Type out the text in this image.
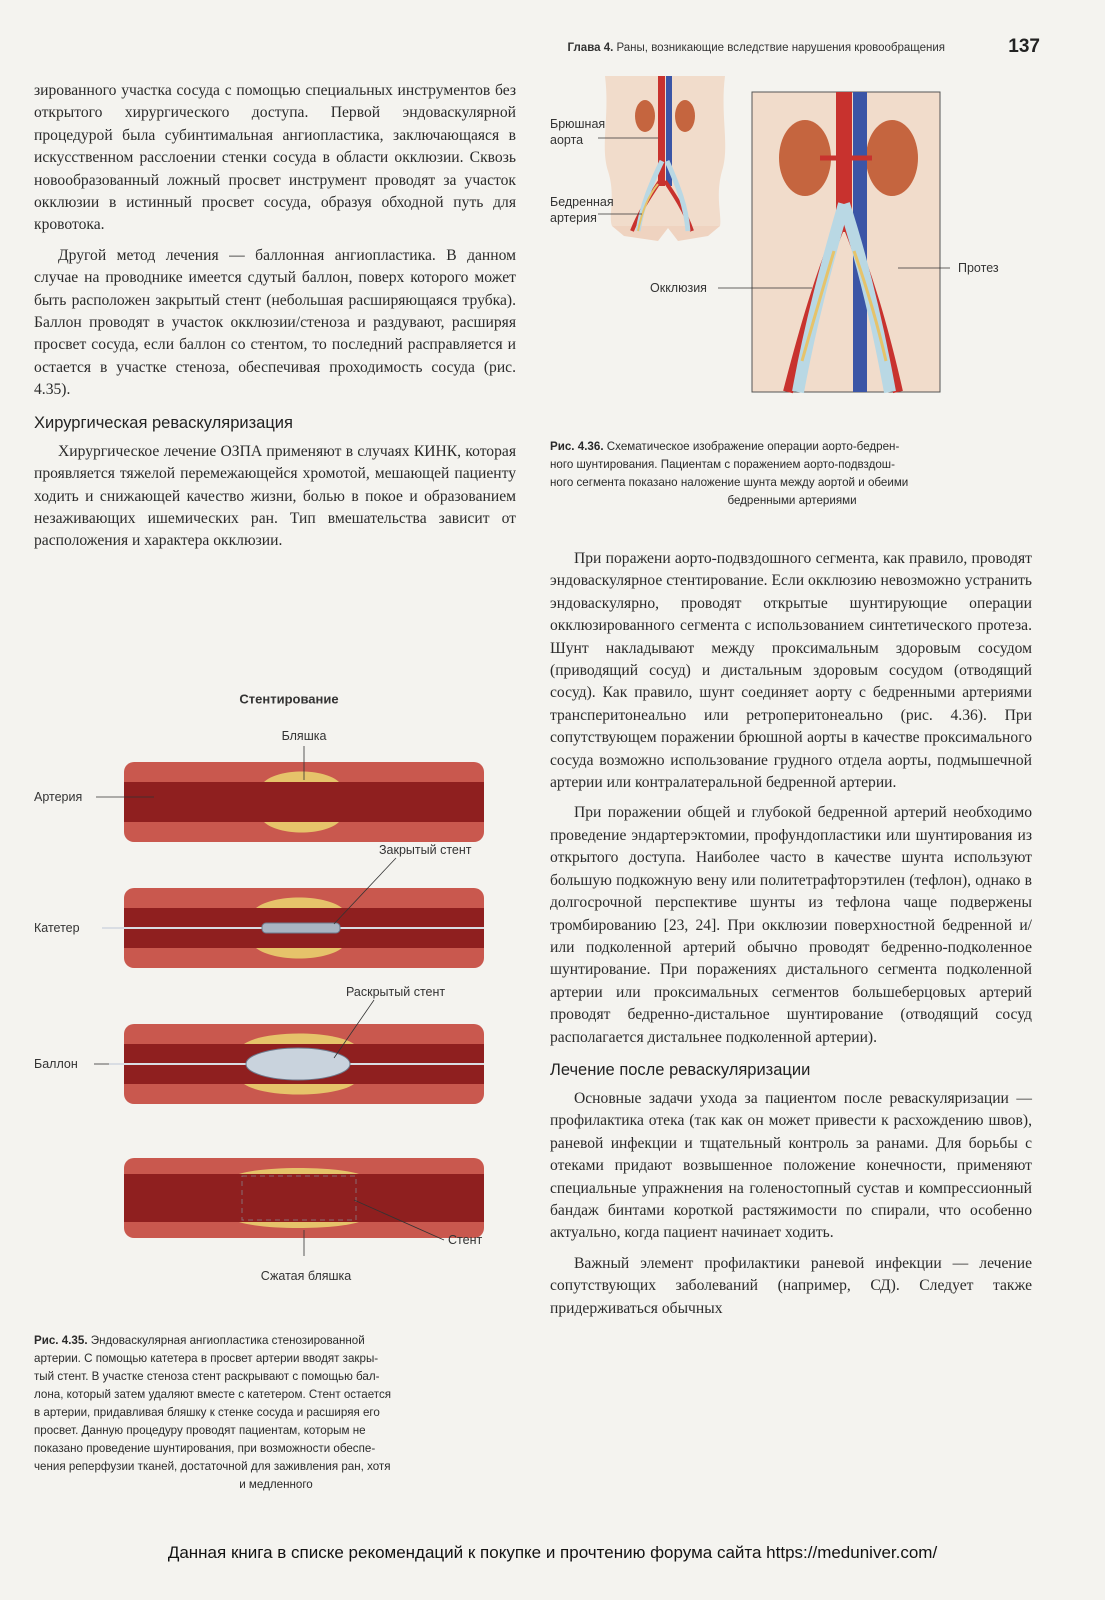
Глава 4. Раны, возникающие вследствие нарушения кровообращения	137

зированного участка сосуда с помощью специальных инструментов без открытого хирургического доступа. Первой эндоваскулярной процедурой была субинтимальная ангиопластика, заключающаяся в искусственном расслоении стенки сосуда в области окклюзии. Сквозь новообразованный ложный просвет инструмент проводят за участок окклюзии в истинный просвет сосуда, образуя обходной путь для кровотока.

Другой метод лечения — баллонная ангиопластика. В данном случае на проводнике имеется сдутый баллон, поверх которого может быть расположен закрытый стент (небольшая расширяющаяся трубка). Баллон проводят в участок окклюзии/стеноза и раздувают, расширяя просвет сосуда, если баллон со стентом, то последний расправляется и остается в участке стеноза, обеспечивая проходимость сосуда (рис. 4.35).

Хирургическая реваскуляризация

Хирургическое лечение ОЗПА применяют в случаях КИНК, которая проявляется тяжелой перемежающейся хромотой, мешающей пациенту ходить и снижающей качество жизни, болью в покое и образованием незаживающих ишемических ран. Тип вмешательства зависит от расположения и характера окклюзии.

Брюшная
аорта
Бедренная
артерия
Протез
Окклюзия
Рис. 4.36. Схематическое изображение операции аорто-бедрен-
ного шунтирования. Пациентам с поражением аорто-подвздош-
ного сегмента показано наложение шунта между аортой и обеими
бедренными артериями

При поражени аорто-подвздошного сегмента, как правило, проводят эндоваскулярное стентирование. Если окклюзию невозможно устранить эндоваскулярно, проводят открытые шунтирующие операции окклюзированного сегмента с использованием синтетического протеза. Шунт накладывают между проксимальным здоровым сосудом (приводящий сосуд) и дистальным здоровым сосудом (отводящий сосуд). Как правило, шунт соединяет аорту с бедренными артериями трансперитонеально или ретроперитонеально (рис. 4.36). При сопутствующем поражении брюшной аорты в качестве проксимального сосуда возможно использование грудного отдела аорты, подмышечной артерии или контралатеральной бедренной артерии.

При поражении общей и глубокой бедренной артерий необходимо проведение эндартерэктомии, профундопластики или шунтирования из открытого доступа. Наиболее часто в качестве шунта используют большую подкожную вену или политетрафторэтилен (тефлон), однако в долгосрочной перспективе шунты из тефлона чаще подвержены тромбированию [23, 24]. При окклюзии поверхностной бедренной и/или подколенной артерий обычно проводят бедренно-подколенное шунтирование. При поражениях дистального сегмента подколенной артерии или проксимальных сегментов большеберцовых артерий проводят бедренно-дистальное шунтирование (отводящий сосуд располагается дистальнее подколенной артерии).

Лечение после реваскуляризации

Основные задачи ухода за пациентом после реваскуляризации — профилактика отека (так как он может привести к расхождению швов), раневой инфекции и тщательный контроль за ранами. Для борьбы с отеками придают возвышенное положение конечности, применяют специальные упражнения на голеностопный сустав и компрессионный бандаж бинтами короткой растяжимости по спирали, что особенно актуально, когда пациент начинает ходить.

Важный элемент профилактики раневой инфекции — лечение сопутствующих заболеваний (например, СД). Следует также придерживаться обычных

Стентирование
Бляшка
Артерия
Закрытый стент
Катетер
Раскрытый стент
Баллон
Стент
Сжатая бляшка
Рис. 4.35. Эндоваскулярная ангиопластика стенозированной
артерии. С помощью катетера в просвет артерии вводят закры-
тый стент. В участке стеноза стент раскрывают с помощью бал-
лона, который затем удаляют вместе с катетером. Стент остается
в артерии, придавливая бляшку к стенке сосуда и расширяя его
просвет. Данную процедуру проводят пациентам, которым не
показано проведение шунтирования, при возможности обеспе-
чения реперфузии тканей, достаточной для заживления ран, хотя
и медленного
Данная книга в списке рекомендаций к покупке и прочтению форума сайта https://meduniver.com/
